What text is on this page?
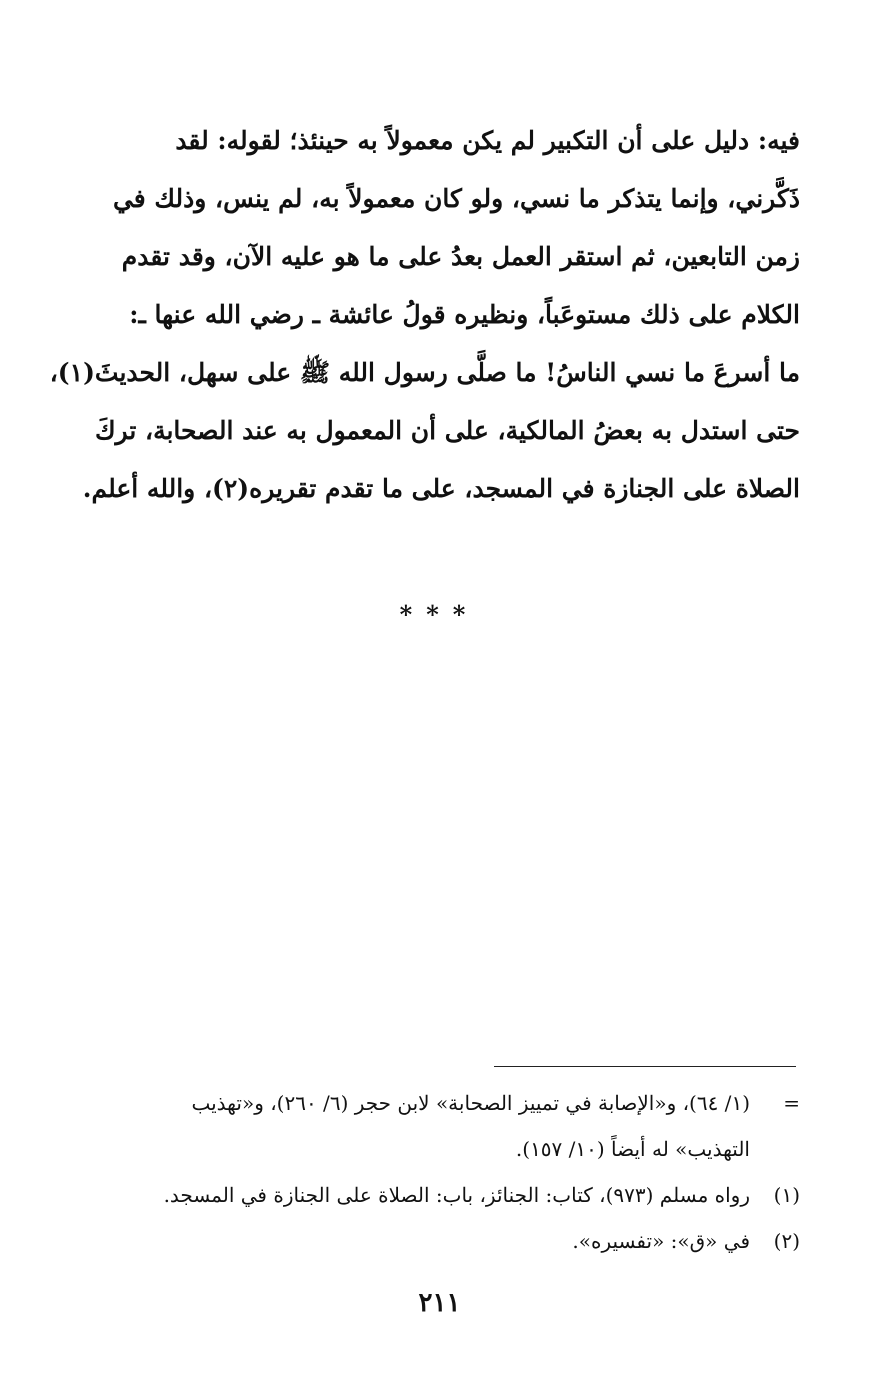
فيه: دليل على أن التكبير لم يكن معمولاً به حينئذ؛ لقوله: لقد
ذَكَّرني، وإنما يتذكر ما نسي، ولو كان معمولاً به، لم ينس، وذلك في
زمن التابعين، ثم استقر العمل بعدُ على ما هو عليه الآن، وقد تقدم
الكلام على ذلك مستوعَباً، ونظيره قولُ عائشة ـ رضي الله عنها ـ:
ما أسرعَ ما نسي الناسُ! ما صلَّى رسول الله ﷺ على سهل، الحديثَ(١)،
حتى استدل به بعضُ المالكية، على أن المعمول به عند الصحابة، تركَ
الصلاة على الجنازة في المسجد، على ما تقدم تقريره(٢)، والله أعلم.
***
=
(١/ ٦٤)، و«الإصابة في تمييز الصحابة» لابن حجر (٦/ ٢٦٠)، و«تهذيب
التهذيب» له أيضاً (١٠/ ١٥٧).
(١)
رواه مسلم (٩٧٣)، كتاب: الجنائز، باب: الصلاة على الجنازة في المسجد.
(٢)
في «ق»: «تفسيره».
٢١١
